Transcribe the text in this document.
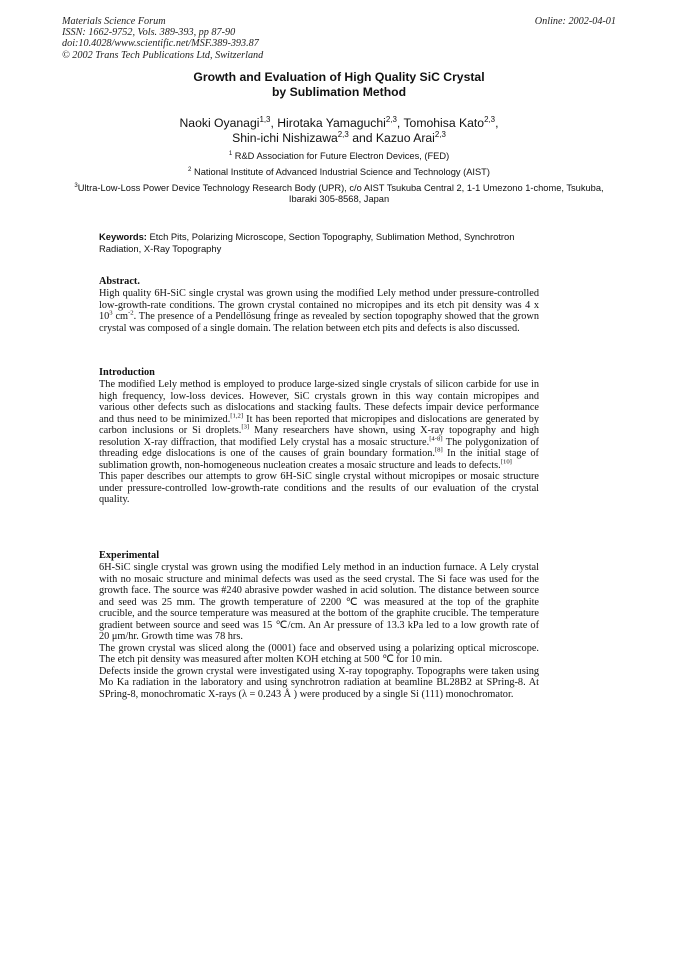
Materials Science Forum
ISSN: 1662-9752, Vols. 389-393, pp 87-90
doi:10.4028/www.scientific.net/MSF.389-393.87
© 2002 Trans Tech Publications Ltd, Switzerland
Online: 2002-04-01
Growth and Evaluation of High Quality SiC Crystal
by Sublimation Method
Naoki Oyanagi$^{1,3}$, Hirotaka Yamaguchi$^{2,3}$, Tomohisa Kato$^{2,3}$,
Shin-ichi Nishizawa$^{2,3}$ and Kazuo Arai$^{2,3}$
$^1$ R&D Association for Future Electron Devices, (FED)
$^2$ National Institute of Advanced Industrial Science and Technology (AIST)
$^3$Ultra-Low-Loss Power Device Technology Research Body (UPR), c/o AIST Tsukuba Central 2, 1-1 Umezono 1-chome, Tsukuba, Ibaraki 305-8568, Japan
Keywords: Etch Pits, Polarizing Microscope, Section Topography, Sublimation Method, Synchrotron Radiation, X-Ray Topography
Abstract.

High quality 6H-SiC single crystal was grown using the modified Lely method under pressure-controlled low-growth-rate conditions. The grown crystal contained no micropipes and its etch pit density was 4 x $10^3$ $cm^{-2}$. The presence of a Pendellösung fringe as revealed by section topography showed that the grown crystal was composed of a single domain. The relation between etch pits and defects is also discussed.

Introduction

The modified Lely method is employed to produce large-sized single crystals of silicon carbide for use in high frequency, low-loss devices. However, SiC crystals grown in this way contain micropipes and various other defects such as dislocations and stacking faults. These defects impair device performance and thus need to be minimized.[1,2] It has been reported that micropipes and dislocations are generated by carbon inclusions or Si droplets.[3] Many researchers have shown, using X-ray topography and high resolution X-ray diffraction, that modified Lely crystal has a mosaic structure.[4-8] The polygonization of threading edge dislocations is one of the causes of grain boundary formation.[8] In the initial stage of sublimation growth, non-homogeneous nucleation creates a mosaic structure and leads to defects.[10]

This paper describes our attempts to grow 6H-SiC single crystal without micropipes or mosaic structure under pressure-controlled low-growth-rate conditions and the results of our evaluation of the crystal quality.

Experimental

6H-SiC single crystal was grown using the modified Lely method in an induction furnace. A Lely crystal with no mosaic structure and minimal defects was used as the seed crystal. The Si face was used for the growth face. The source was #240 abrasive powder washed in acid solution. The distance between source and seed was 25 mm. The growth temperature of 2200 ℃ was measured at the top of the graphite crucible, and the source temperature was measured at the bottom of the graphite crucible. The temperature gradient between source and seed was 15 ℃/cm. An Ar pressure of 13.3 kPa led to a low growth rate of 20 μm/hr. Growth time was 78 hrs.

The grown crystal was sliced along the (0001) face and observed using a polarizing optical microscope. The etch pit density was measured after molten KOH etching at 500 ℃ for 10 min.

Defects inside the grown crystal were investigated using X-ray topography. Topographs were taken using Mo Ka radiation in the laboratory and using synchrotron radiation at beamline BL28B2 at SPring-8. At SPring-8, monochromatic X-rays (λ = 0.243 Å ) were produced by a single Si (111) monochromator.
